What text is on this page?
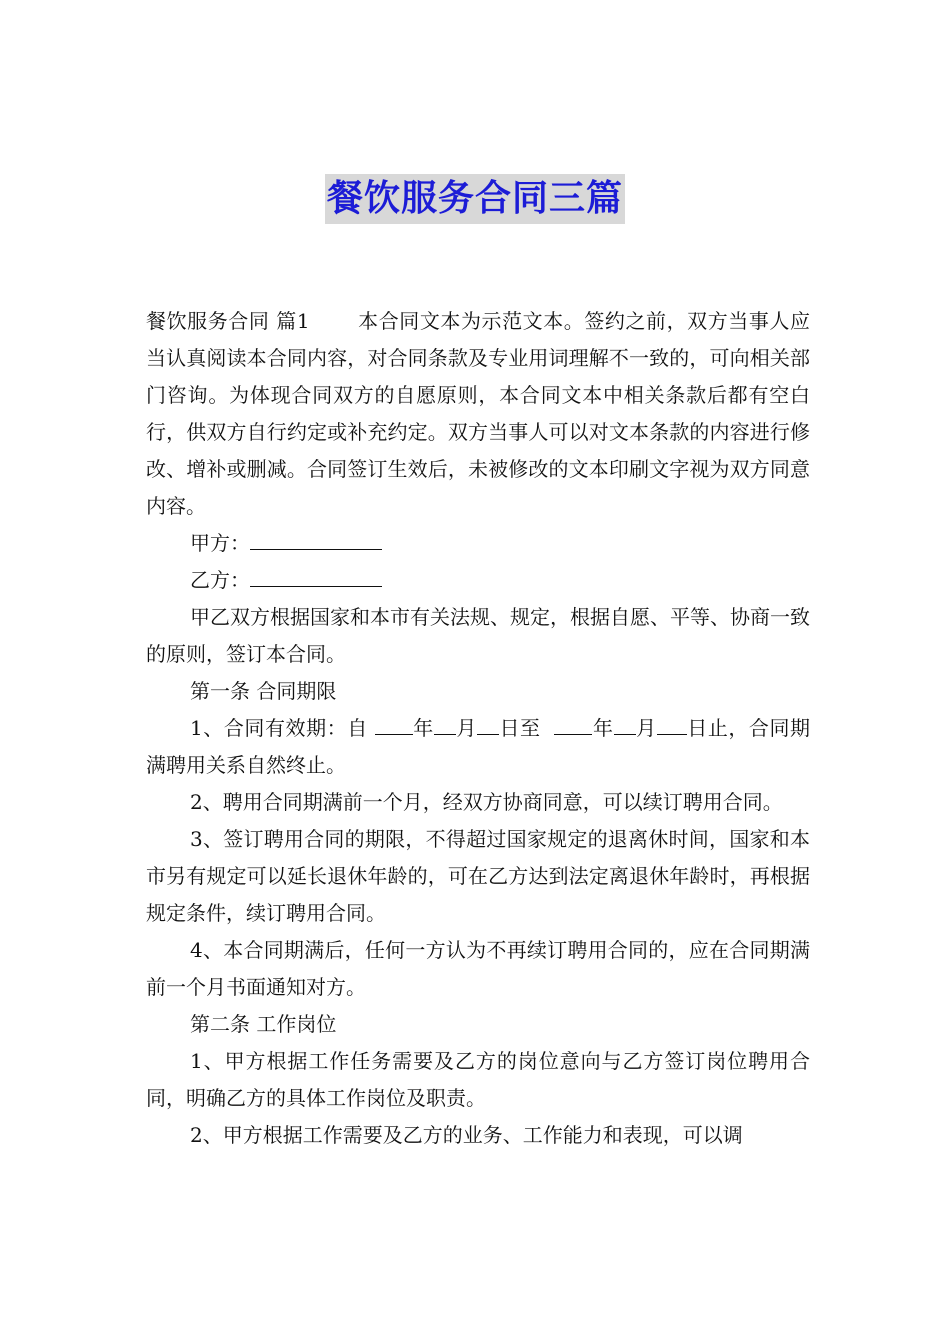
餐饮服务合同三篇

餐饮服务合同 篇1 本合同文本为示范文本。签约之前，双方当事人应当认真阅读本合同内容，对合同条款及专业用词理解不一致的，可向相关部门咨询。为体现合同双方的自愿原则，本合同文本中相关条款后都有空白行，供双方自行约定或补充约定。双方当事人可以对文本条款的内容进行修改、增补或删减。合同签订生效后，未被修改的文本印刷文字视为双方同意内容。

甲方：

乙方：

甲乙双方根据国家和本市有关法规、规定，根据自愿、平等、协商一致的原则，签订本合同。

第一条 合同期限

1、合同有效期：自 年 月 日至	年 月 日止，合同期满聘用关系自然终止。

2、聘用合同期满前一个月，经双方协商同意，可以续订聘用合同。

3、签订聘用合同的期限，不得超过国家规定的退离休时间，国家和本市另有规定可以延长退休年龄的，可在乙方达到法定离退休年龄时，再根据规定条件，续订聘用合同。

4、本合同期满后，任何一方认为不再续订聘用合同的，应在合同期满前一个月书面通知对方。

第二条 工作岗位

1、甲方根据工作任务需要及乙方的岗位意向与乙方签订岗位聘用合同，明确乙方的具体工作岗位及职责。

2、甲方根据工作需要及乙方的业务、工作能力和表现，可以调
